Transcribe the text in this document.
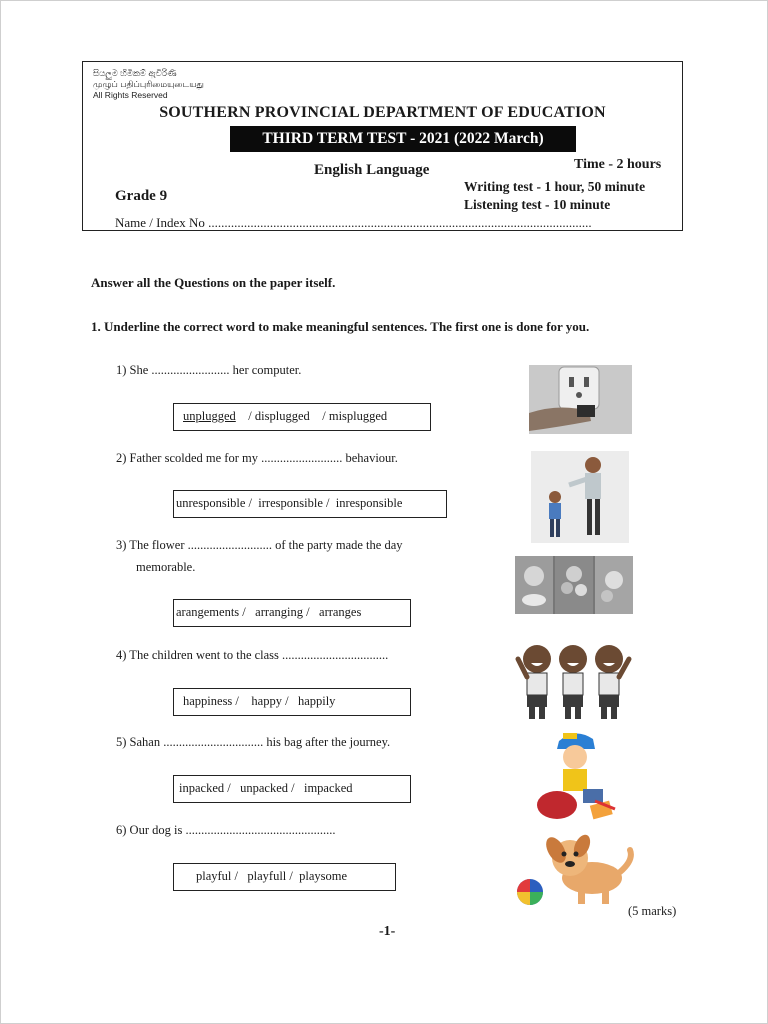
සියලුම හිමිකම් ඇවිරිණි
முழுப் பதிப்புரிமையுடையது
All Rights Reserved
SOUTHERN PROVINCIAL DEPARTMENT OF EDUCATION
THIRD TERM TEST - 2021 (2022 March)
English Language	Time - 2 hours
Writing test - 1 hour, 50 minute
Listening test - 10 minute
Grade 9
Name / Index No ......................................................................................................................
Answer all the Questions on the paper itself.
1. Underline the correct word to make meaningful sentences. The first one is done for you.
1) She ......................... her computer.
unplugged / displugged / misplugged
2) Father scolded me for my .......................... behaviour.
unresponsible / irresponsible / inresponsible
3) The flower ........................... of the party made the day
memorable.
arangements / arranging / arranges
4) The children went to the class ..................................
happiness / happy / happily
5) Sahan ................................ his bag after the journey.
inpacked / unpacked / impacked
6) Our dog is ................................................
playful / playfull / playsome
(5 marks)
-1-
